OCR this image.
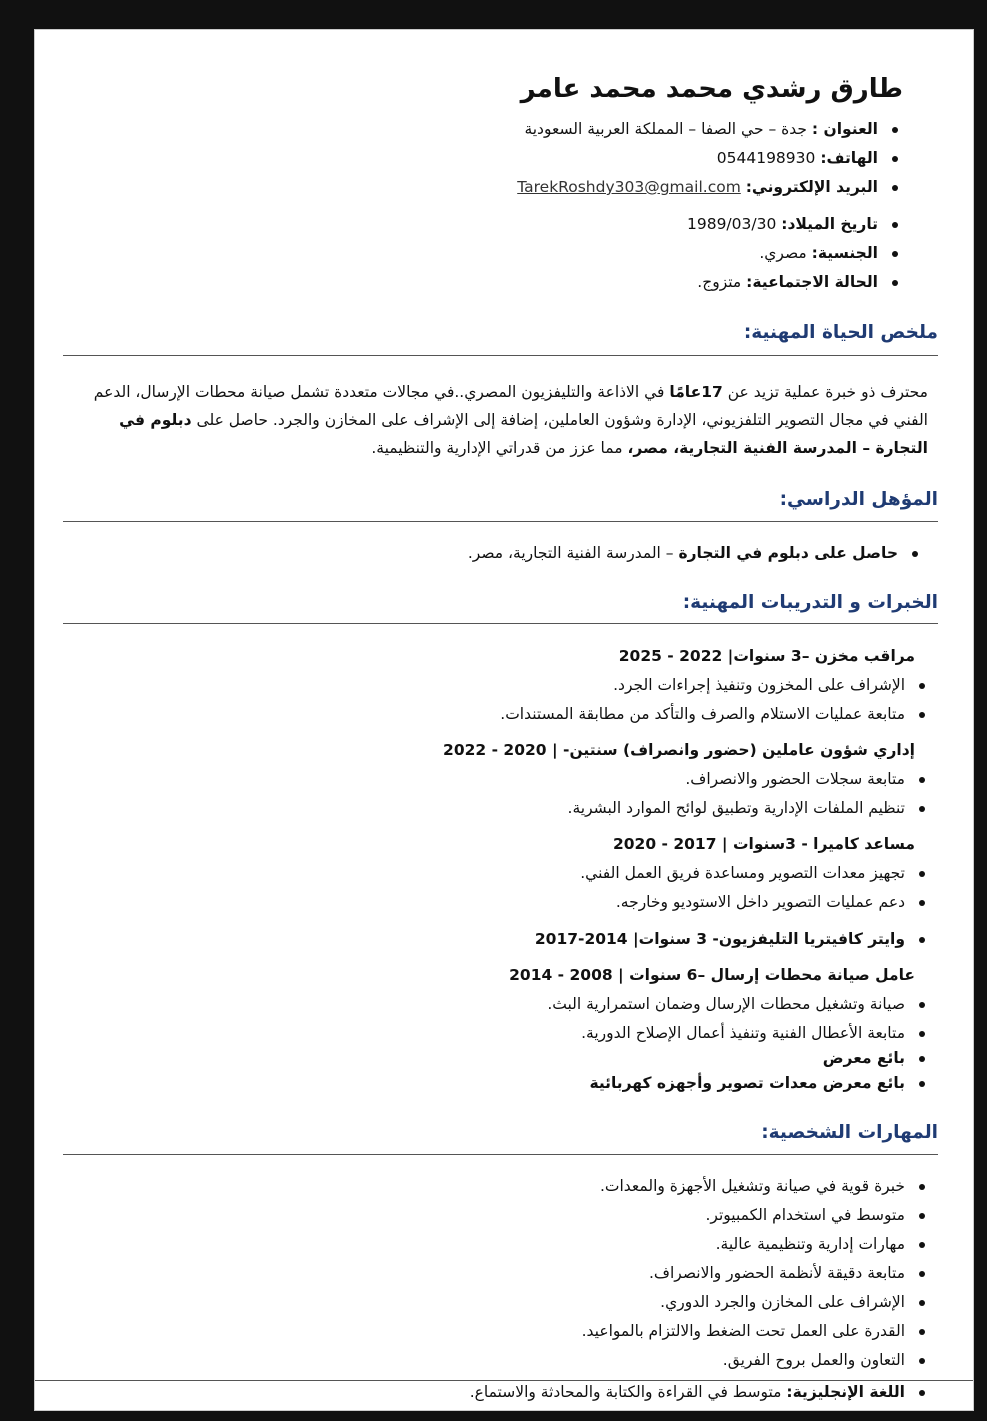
طارق رشدي محمد محمد عامر
العنوان : جدة – حي الصفا – المملكة العربية السعودية
الهاتف: 0544198930
البريد الإلكتروني: TarekRoshdy303@gmail.com
تاريخ الميلاد: 1989/03/30
الجنسية: مصري.
الحالة الاجتماعية: متزوج.
ملخص الحياة المهنية:
محترف ذو خبرة عملية تزيد عن 17عامًا في الاذاعة والتليفزيون المصري..في مجالات متعددة تشمل صيانة محطات الإرسال، الدعم الفني في مجال التصوير التلفزيوني، الإدارة وشؤون العاملين، إضافة إلى الإشراف على المخازن والجرد. حاصل على دبلوم في التجارة – المدرسة الفنية التجارية، مصر، مما عزز من قدراتي الإدارية والتنظيمية.
المؤهل الدراسي:
حاصل على دبلوم في التجارة – المدرسة الفنية التجارية، مصر.
الخبرات و التدريبات المهنية:
مراقب مخزن –3 سنوات| 2022 - 2025
الإشراف على المخزون وتنفيذ إجراءات الجرد.
متابعة عمليات الاستلام والصرف والتأكد من مطابقة المستندات.
إداري شؤون عاملين (حضور وانصراف) سنتين- | 2020 - 2022
متابعة سجلات الحضور والانصراف.
تنظيم الملفات الإدارية وتطبيق لوائح الموارد البشرية.
مساعد كاميرا - 3سنوات | 2017 - 2020
تجهيز معدات التصوير ومساعدة فريق العمل الفني.
دعم عمليات التصوير داخل الاستوديو وخارجه.
وايتر كافيتريا التليفزيون- 3 سنوات| 2014-2017
عامل صيانة محطات إرسال –6 سنوات | 2008 - 2014
صيانة وتشغيل محطات الإرسال وضمان استمرارية البث.
متابعة الأعطال الفنية وتنفيذ أعمال الإصلاح الدورية.
بائع معرض
بائع معرض معدات تصوير وأجهزه كهربائية
المهارات الشخصية:
خبرة قوية في صيانة وتشغيل الأجهزة والمعدات.
متوسط في استخدام الكمبيوتر.
مهارات إدارية وتنظيمية عالية.
متابعة دقيقة لأنظمة الحضور والانصراف.
الإشراف على المخازن والجرد الدوري.
القدرة على العمل تحت الضغط والالتزام بالمواعيد.
التعاون والعمل بروح الفريق.
اللغة الإنجليزية: متوسط في القراءة والكتابة والمحادثة والاستماع.
